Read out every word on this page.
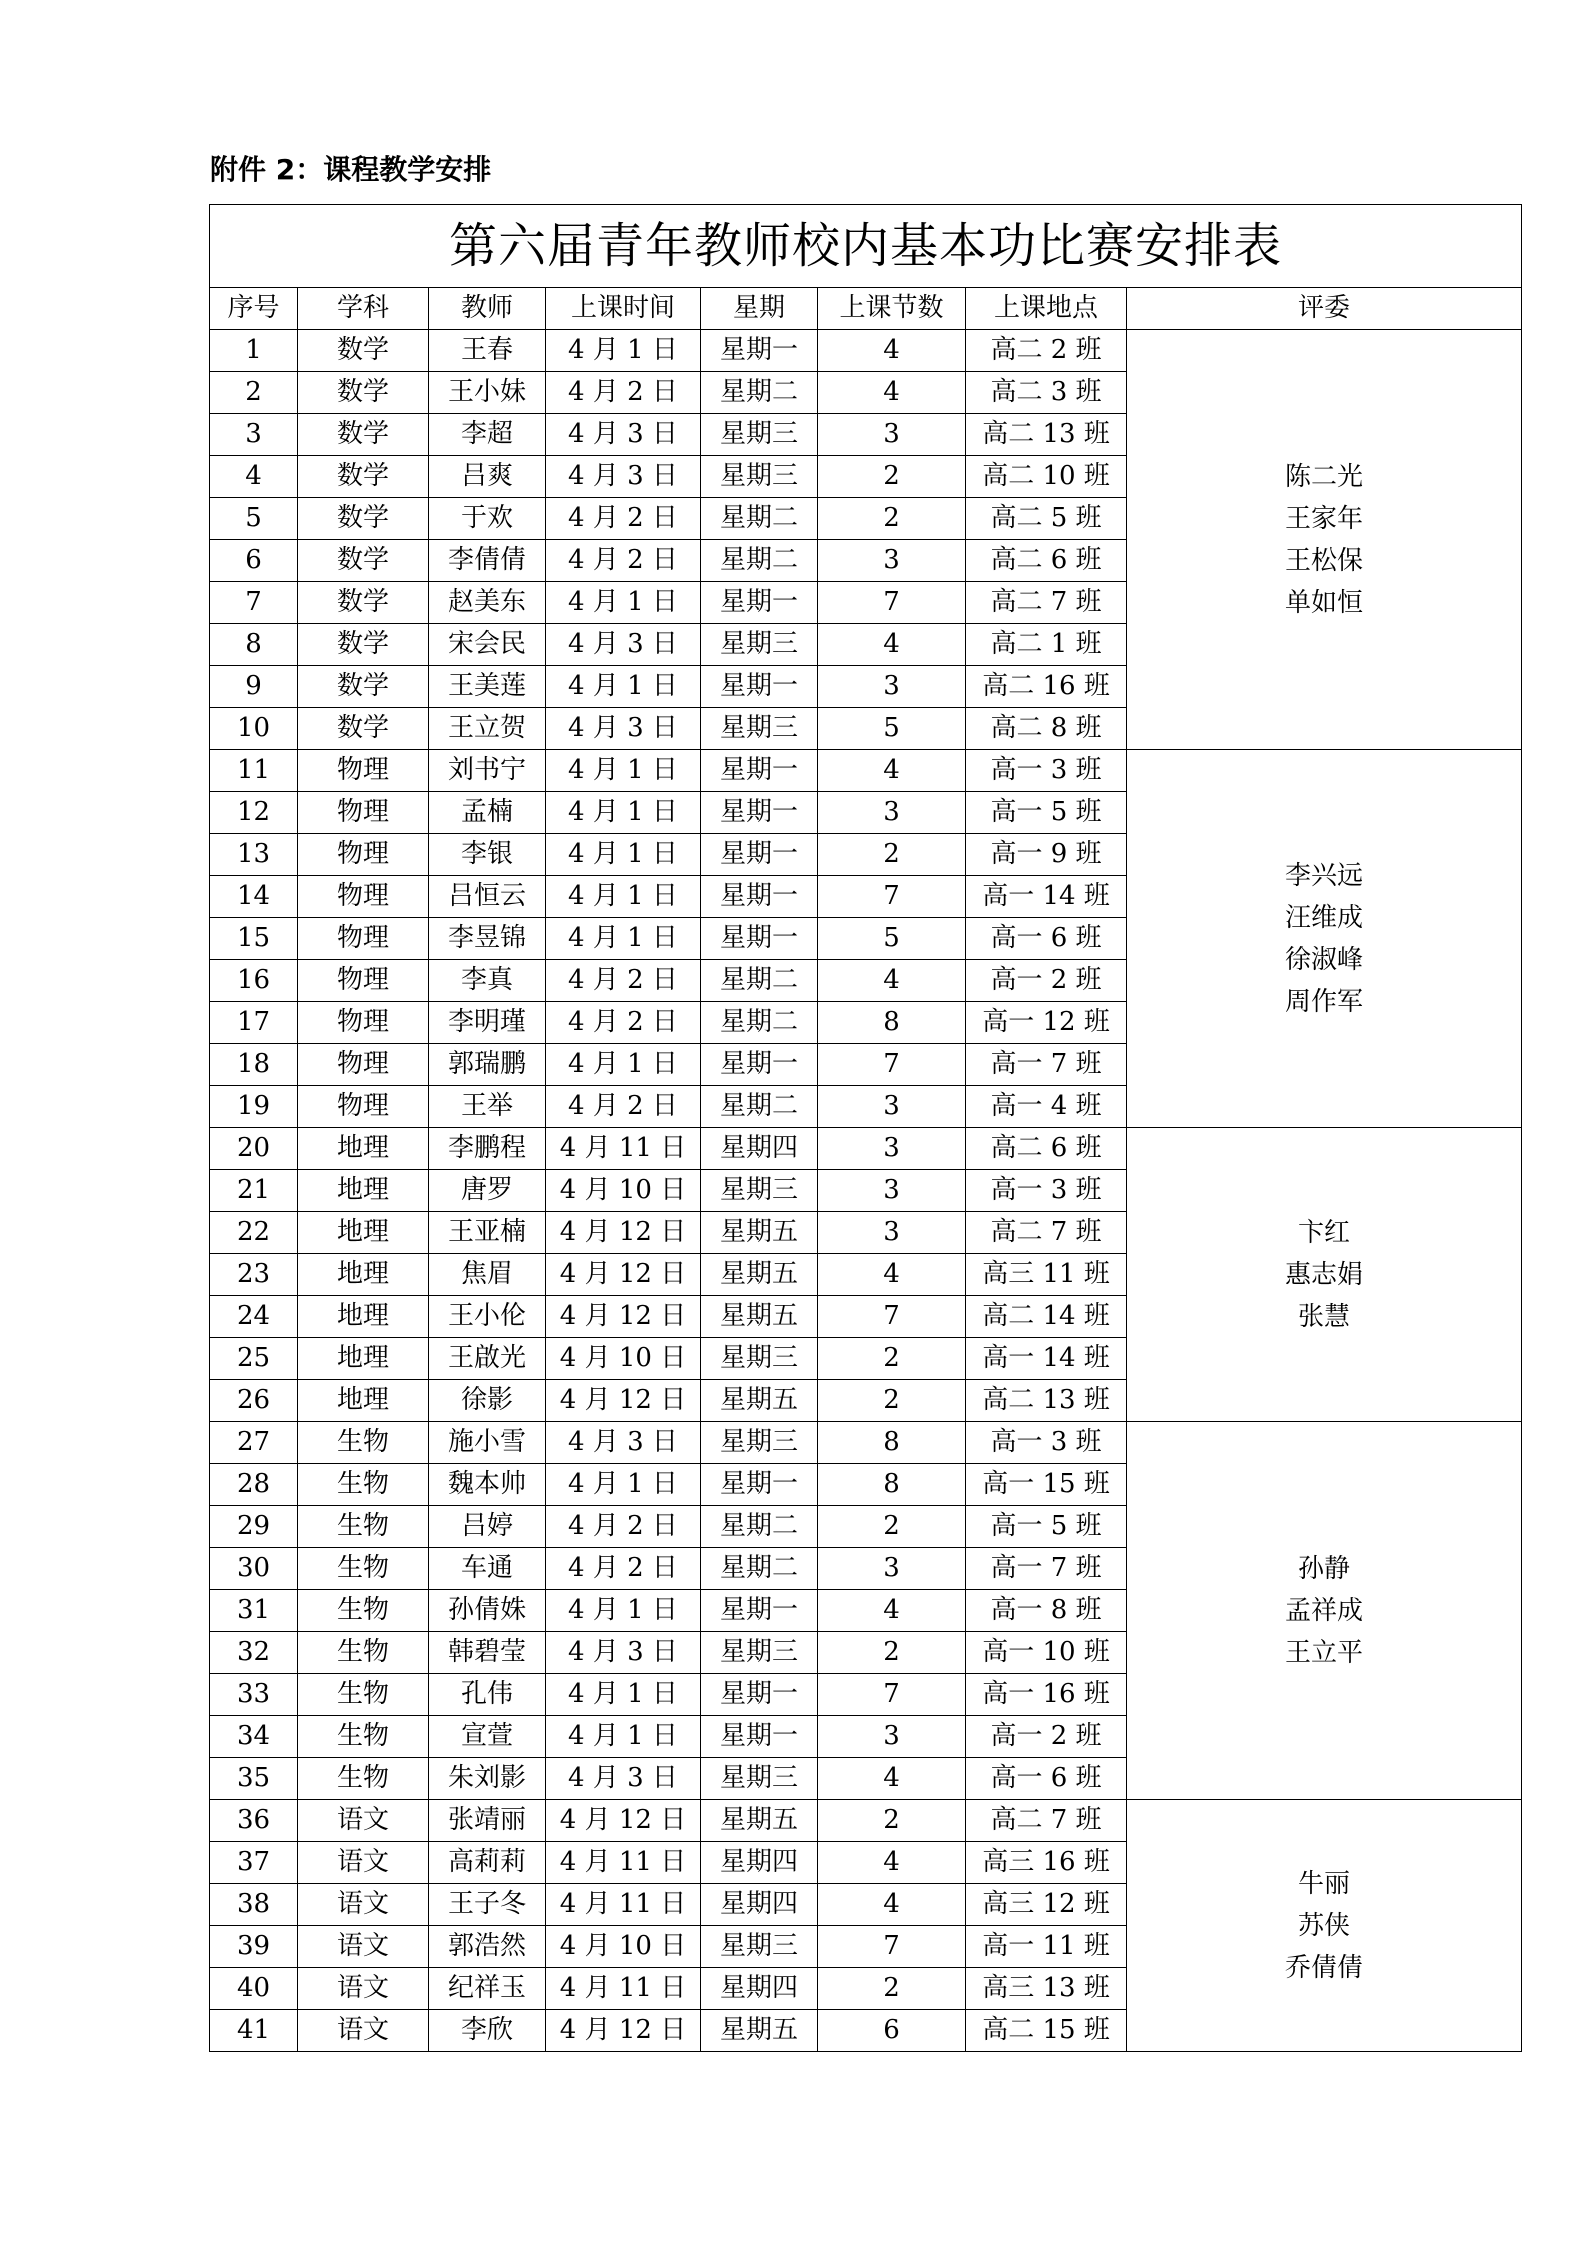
附件 2：课程教学安排
第六届青年教师校内基本功比赛安排表							
序号	学科	教师	上课时间	星期	上课节数	上课地点	评委
1	数学	王春	4 月 1 日	星期一	4	高二 2 班	陈二光
王家年
王松保
单如恒

2	数学	王小妹	4 月 2 日	星期二	4	高二 3 班	
3	数学	李超	4 月 3 日	星期三	3	高二 13 班	
4	数学	吕爽	4 月 3 日	星期三	2	高二 10 班	
5	数学	于欢	4 月 2 日	星期二	2	高二 5 班	
6	数学	李倩倩	4 月 2 日	星期二	3	高二 6 班	
7	数学	赵美东	4 月 1 日	星期一	7	高二 7 班	
8	数学	宋会民	4 月 3 日	星期三	4	高二 1 班	
9	数学	王美莲	4 月 1 日	星期一	3	高二 16 班	
10	数学	王立贺	4 月 3 日	星期三	5	高二 8 班	
11	物理	刘书宁	4 月 1 日	星期一	4	高一 3 班	李兴远
汪维成
徐淑峰
周作军

12	物理	孟楠	4 月 1 日	星期一	3	高一 5 班	
13	物理	李银	4 月 1 日	星期一	2	高一 9 班	
14	物理	吕恒云	4 月 1 日	星期一	7	高一 14 班	
15	物理	李昱锦	4 月 1 日	星期一	5	高一 6 班	
16	物理	李真	4 月 2 日	星期二	4	高一 2 班	
17	物理	李明瑾	4 月 2 日	星期二	8	高一 12 班	
18	物理	郭瑞鹏	4 月 1 日	星期一	7	高一 7 班	
19	物理	王举	4 月 2 日	星期二	3	高一 4 班	
20	地理	李鹏程	4 月 11 日	星期四	3	高二 6 班	卞红
惠志娟
张慧

21	地理	唐罗	4 月 10 日	星期三	3	高一 3 班	
22	地理	王亚楠	4 月 12 日	星期五	3	高二 7 班	
23	地理	焦眉	4 月 12 日	星期五	4	高三 11 班	
24	地理	王小伦	4 月 12 日	星期五	7	高二 14 班	
25	地理	王啟光	4 月 10 日	星期三	2	高一 14 班	
26	地理	徐影	4 月 12 日	星期五	2	高二 13 班	
27	生物	施小雪	4 月 3 日	星期三	8	高一 3 班	孙静
孟祥成
王立平

28	生物	魏本帅	4 月 1 日	星期一	8	高一 15 班	
29	生物	吕婷	4 月 2 日	星期二	2	高一 5 班	
30	生物	车通	4 月 2 日	星期二	3	高一 7 班	
31	生物	孙倩姝	4 月 1 日	星期一	4	高一 8 班	
32	生物	韩碧莹	4 月 3 日	星期三	2	高一 10 班	
33	生物	孔伟	4 月 1 日	星期一	7	高一 16 班	
34	生物	宣萱	4 月 1 日	星期一	3	高一 2 班	
35	生物	朱刘影	4 月 3 日	星期三	4	高一 6 班	
36	语文	张靖丽	4 月 12 日	星期五	2	高二 7 班	牛丽
苏侠
乔倩倩

37	语文	高莉莉	4 月 11 日	星期四	4	高三 16 班	
38	语文	王子冬	4 月 11 日	星期四	4	高三 12 班	
39	语文	郭浩然	4 月 10 日	星期三	7	高一 11 班	
40	语文	纪祥玉	4 月 11 日	星期四	2	高三 13 班	
41	语文	李欣	4 月 12 日	星期五	6	高二 15 班	
